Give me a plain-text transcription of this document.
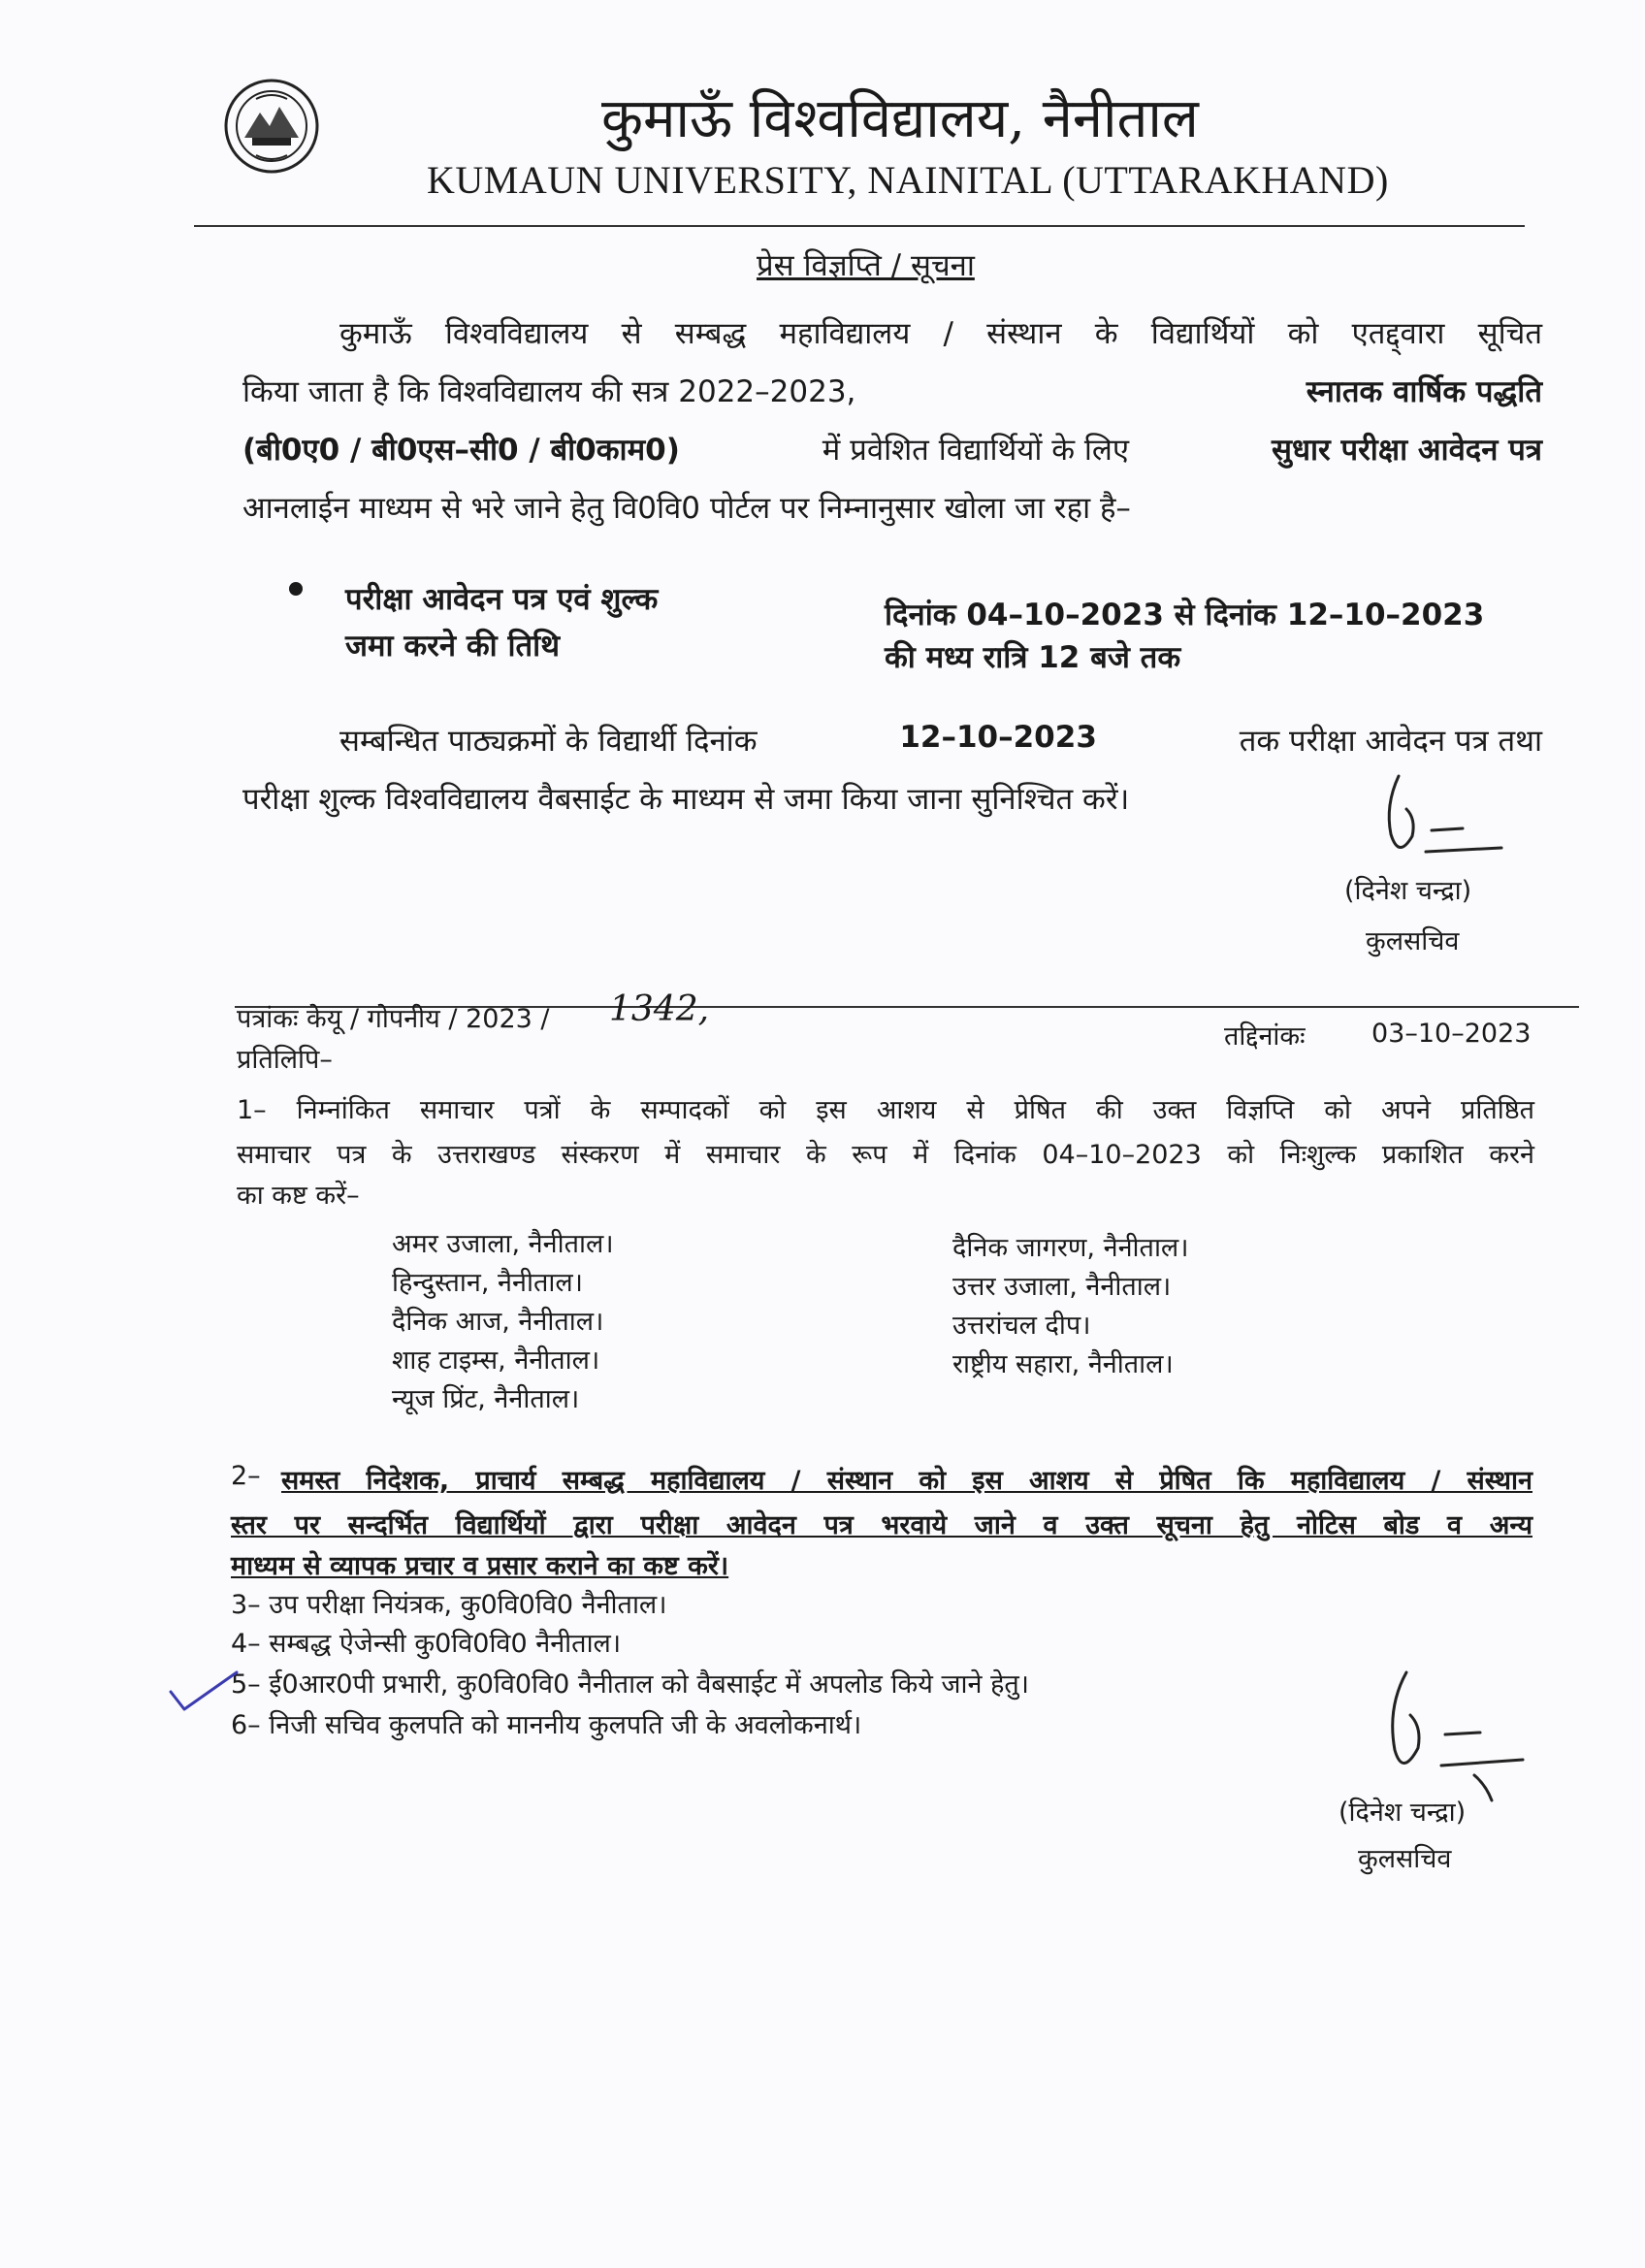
कुमाऊँ विश्वविद्यालय, नैनीताल
KUMAUN UNIVERSITY, NAINITAL (UTTARAKHAND)
प्रेस विज्ञप्ति / सूचना
कुमाऊँ विश्वविद्यालय से सम्बद्ध महाविद्यालय / संस्थान के विद्यार्थियों को एतद्द्वारा सूचित
किया जाता है कि विश्वविद्यालय की सत्र 2022–2023,	स्नातक वार्षिक पद्धति
(बी0ए0 / बी0एस–सी0 / बी0काम0)	में प्रवेशित विद्यार्थियों के लिए	सुधार परीक्षा आवेदन पत्र
आनलाईन माध्यम से भरे जाने हेतु वि0वि0 पोर्टल पर निम्नानुसार खोला जा रहा है–
परीक्षा आवेदन पत्र एवं शुल्क
जमा करने की तिथि
दिनांक 04–10–2023 से दिनांक 12–10–2023
की मध्य रात्रि 12 बजे तक
सम्बन्धित पाठ्यक्रमों के विद्यार्थी दिनांक	12–10–2023	तक परीक्षा आवेदन पत्र तथा
परीक्षा शुल्क विश्वविद्यालय वैबसाईट के माध्यम से जमा किया जाना सुनिश्चित करें।
(दिनेश चन्द्रा)
कुलसचिव
पत्रांकः केयू / गोपनीय / 2023 / 1342,
तद्दिनांकः	03–10–2023
प्रतिलिपि–
1– निम्नांकित समाचार पत्रों के सम्पादकों को इस आशय से प्रेषित की उक्त विज्ञप्ति को अपने प्रतिष्ठित
समाचार पत्र के उत्तराखण्ड संस्करण में समाचार के रूप में दिनांक 04–10–2023 को निःशुल्क प्रकाशित करने
का कष्ट करें–
अमर उजाला, नैनीताल।
हिन्दुस्तान, नैनीताल।
दैनिक आज, नैनीताल।
शाह टाइम्स, नैनीताल।
न्यूज प्रिंट, नैनीताल।
दैनिक जागरण, नैनीताल।
उत्तर उजाला, नैनीताल।
उत्तरांचल दीप।
राष्ट्रीय सहारा, नैनीताल।
2– समस्त निदेशक, प्राचार्य सम्बद्ध महाविद्यालय / संस्थान को इस आशय से प्रेषित कि महाविद्यालय / संस्थान
स्तर पर सन्दर्भित विद्यार्थियों द्वारा परीक्षा आवेदन पत्र भरवाये जाने व उक्त सूचना हेतु नोटिस बोड व अन्य
माध्यम से व्यापक प्रचार व प्रसार कराने का कष्ट करें।
3– उप परीक्षा नियंत्रक, कु0वि0वि0 नैनीताल।
4– सम्बद्ध ऐजेन्सी कु0वि0वि0 नैनीताल।
5– ई0आर0पी प्रभारी, कु0वि0वि0 नैनीताल को वैबसाईट में अपलोड किये जाने हेतु।
6– निजी सचिव कुलपति को माननीय कुलपति जी के अवलोकनार्थ।
(दिनेश चन्द्रा)
कुलसचिव
